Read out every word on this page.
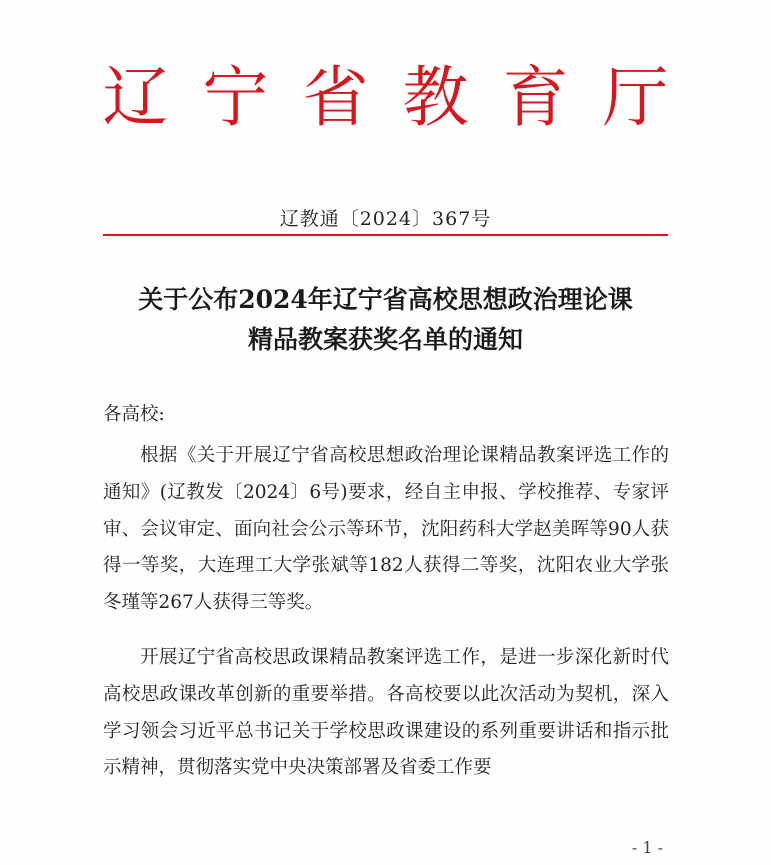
辽宁省教育厅
辽教通〔2024〕367号
关于公布2024年辽宁省高校思想政治理论课
精品教案获奖名单的通知
各高校:

根据《关于开展辽宁省高校思想政治理论课精品教案评选工作的通知》(辽教发〔2024〕6号)要求，经自主申报、学校推荐、专家评审、会议审定、面向社会公示等环节，沈阳药科大学赵美晖等90人获得一等奖，大连理工大学张斌等182人获得二等奖，沈阳农业大学张冬瑾等267人获得三等奖。

开展辽宁省高校思政课精品教案评选工作，是进一步深化新时代高校思政课改革创新的重要举措。各高校要以此次活动为契机，深入学习领会习近平总书记关于学校思政课建设的系列重要讲话和指示批示精神，贯彻落实党中央决策部署及省委工作要

- 1 -
